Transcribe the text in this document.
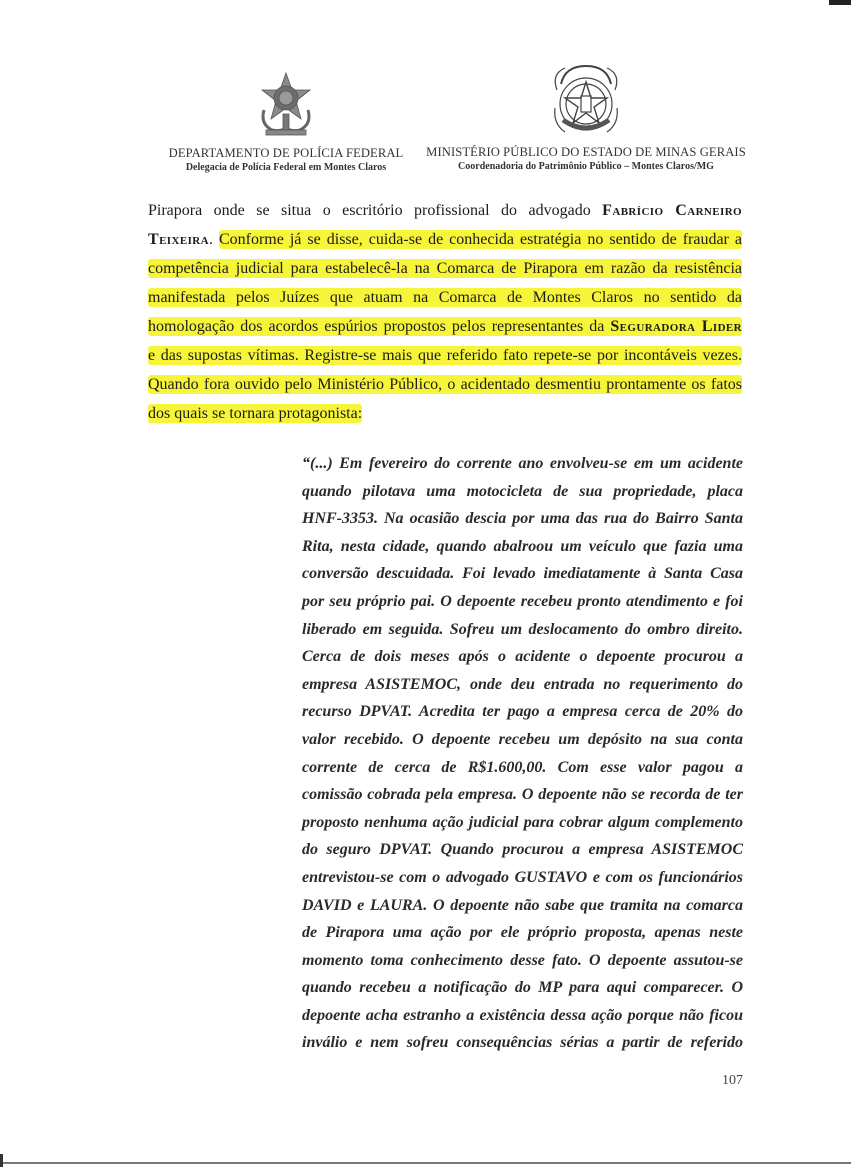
DEPARTAMENTO DE POLÍCIA FEDERAL
Delegacia de Polícia Federal em Montes Claros
MINISTÉRIO PÚBLICO DO ESTADO DE MINAS GERAIS
Coordenadoria do Patrimônio Público – Montes Claros/MG
Pirapora onde se situa o escritório profissional do advogado Fabrício Carneiro
Teixeira. Conforme já se disse, cuida-se de conhecida estratégia no sentido de fraudar a
competência judicial para estabelecê-la na Comarca de Pirapora em razão da resistência
manifestada pelos Juízes que atuam na Comarca de Montes Claros no sentido da
homologação dos acordos espúrios propostos pelos representantes da Seguradora Lider
e das supostas vítimas. Registre-se mais que referido fato repete-se por incontáveis vezes.
Quando fora ouvido pelo Ministério Público, o acidentado desmentiu prontamente os fatos
dos quais se tornara protagonista:
“(...) Em fevereiro do corrente ano envolveu-se em um acidente
quando pilotava uma motocicleta de sua propriedade, placa
HNF-3353. Na ocasião descia por uma das rua do Bairro Santa
Rita, nesta cidade, quando abalroou um veículo que fazia uma
conversão descuidada. Foi levado imediatamente à Santa Casa
por seu próprio pai. O depoente recebeu pronto atendimento e foi
liberado em seguida. Sofreu um deslocamento do ombro direito.
Cerca de dois meses após o acidente o depoente procurou a
empresa ASISTEMOC, onde deu entrada no requerimento do
recurso DPVAT. Acredita ter pago a empresa cerca de 20% do
valor recebido. O depoente recebeu um depósito na sua conta
corrente de cerca de R$1.600,00. Com esse valor pagou a
comissão cobrada pela empresa. O depoente não se recorda de ter
proposto nenhuma ação judicial para cobrar algum complemento
do seguro DPVAT. Quando procurou a empresa ASISTEMOC
entrevistou-se com o advogado GUSTAVO e com os funcionários
DAVID e LAURA. O depoente não sabe que tramita na comarca
de Pirapora uma ação por ele próprio proposta, apenas neste
momento toma conhecimento desse fato. O depoente assutou-se
quando recebeu a notificação do MP para aqui comparecer. O
depoente acha estranho a existência dessa ação porque não ficou
inválio e nem sofreu consequências sérias a partir de referido
107
